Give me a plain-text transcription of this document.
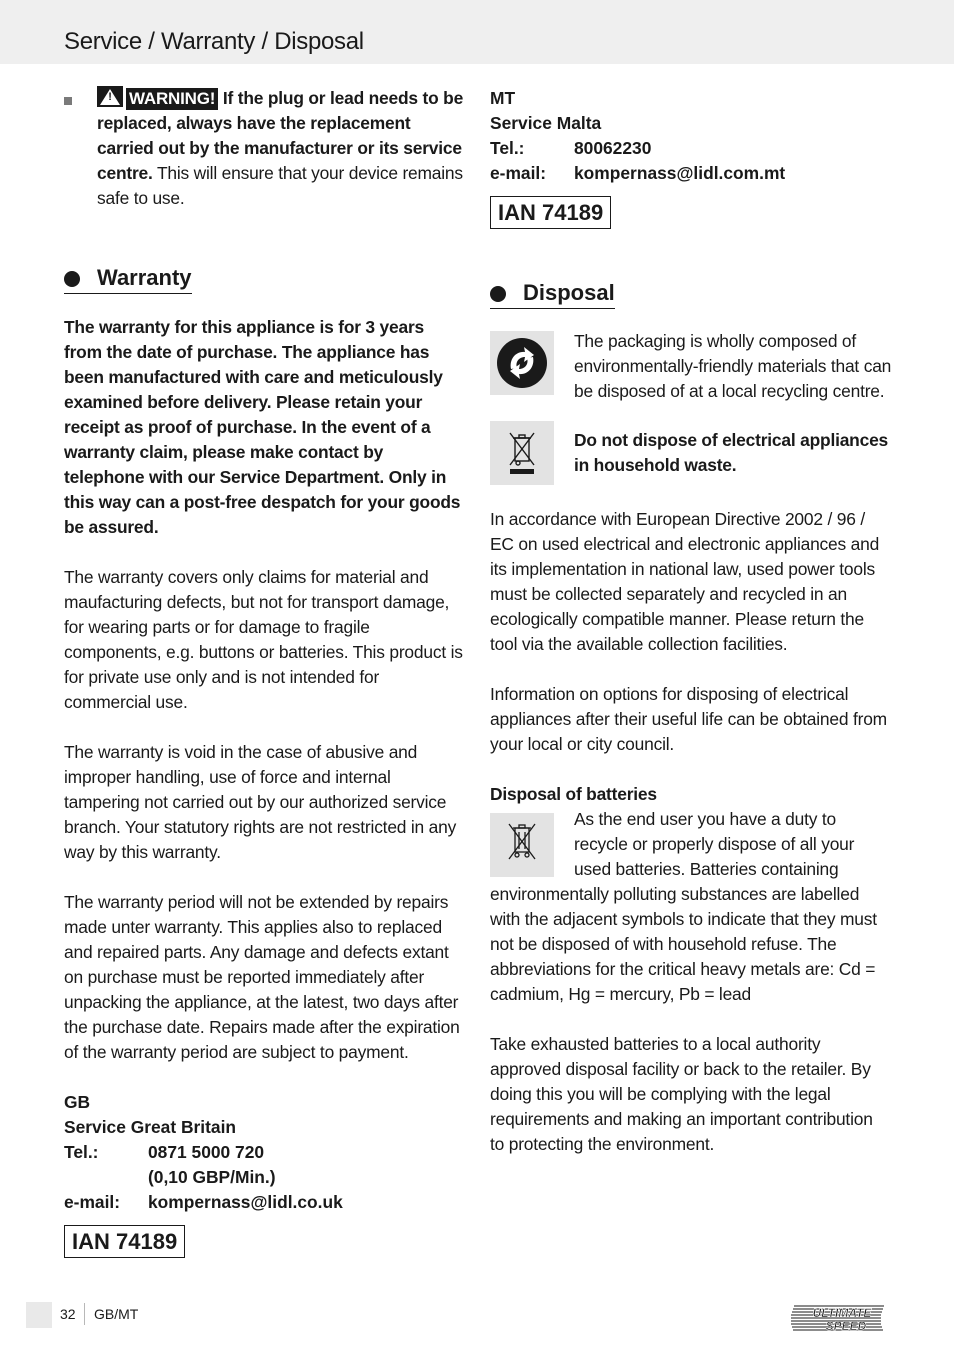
Service / Warranty / Disposal

! WARNING! If the plug or lead needs to be replaced, always have the replacement carried out by the manufacturer or its service centre. This will ensure that your device remains safe to use.

Warranty

The warranty for this appliance is for 3 years from the date of purchase. The appliance has been manufactured with care and meticulously examined before delivery. Please retain your receipt as proof of purchase. In the event of a warranty claim, please make contact by telephone with our Service Department. Only in this way can a post-free despatch for your goods be assured.

The warranty covers only claims for material and maufacturing defects, but not for transport damage, for wearing parts or for damage to fragile components, e.g. buttons or batteries. This product is for private use only and is not intended for commercial use.

The warranty is void in the case of abusive and improper handling, use of force and internal tampering not carried out by our authorized service branch. Your statutory rights are not restricted in any way by this warranty.

The warranty period will not be extended by repairs made unter warranty. This applies also to replaced and repaired parts. Any damage and defects extant on purchase must be reported immediately after unpacking the appliance, at the latest, two days after the purchase date. Repairs made after the expiration of the warranty period are subject to payment.

GB
Service Great Britain
Tel.:	0871 5000 720
	(0,10 GBP/Min.)
e-mail:	kompernass@lidl.co.uk
IAN 74189
MT
Service Malta
Tel.:	80062230
e-mail:	kompernass@lidl.com.mt
IAN 74189
Disposal

The packaging is wholly composed of environmentally-friendly materials that can be disposed of at a local recycling centre.

Do not dispose of electrical appliances in household waste.

In accordance with European Directive 2002 / 96 / EC on used electrical and electronic appliances and its implementation in national law, used power tools must be collected separately and recycled in an ecologically compatible manner. Please return the tool via the available collection facilities.

Information on options for disposing of electrical appliances after their useful life can be obtained from your local or city council.

Disposal of batteries

As the end user you have a duty to recycle or properly dispose of all your used batteries. Batteries containing environmentally polluting substances are labelled with the adjacent symbols to indicate that they must not be disposed of with household refuse. The abbreviations for the critical heavy metals are: Cd = cadmium, Hg = mercury, Pb = lead

Take exhausted batteries to a local authority approved disposal facility or back to the retailer. By doing this you will be complying with the legal requirements and making an important contribution to protecting the environment.

32 GB/MT	ULTIMATE
SPEED
